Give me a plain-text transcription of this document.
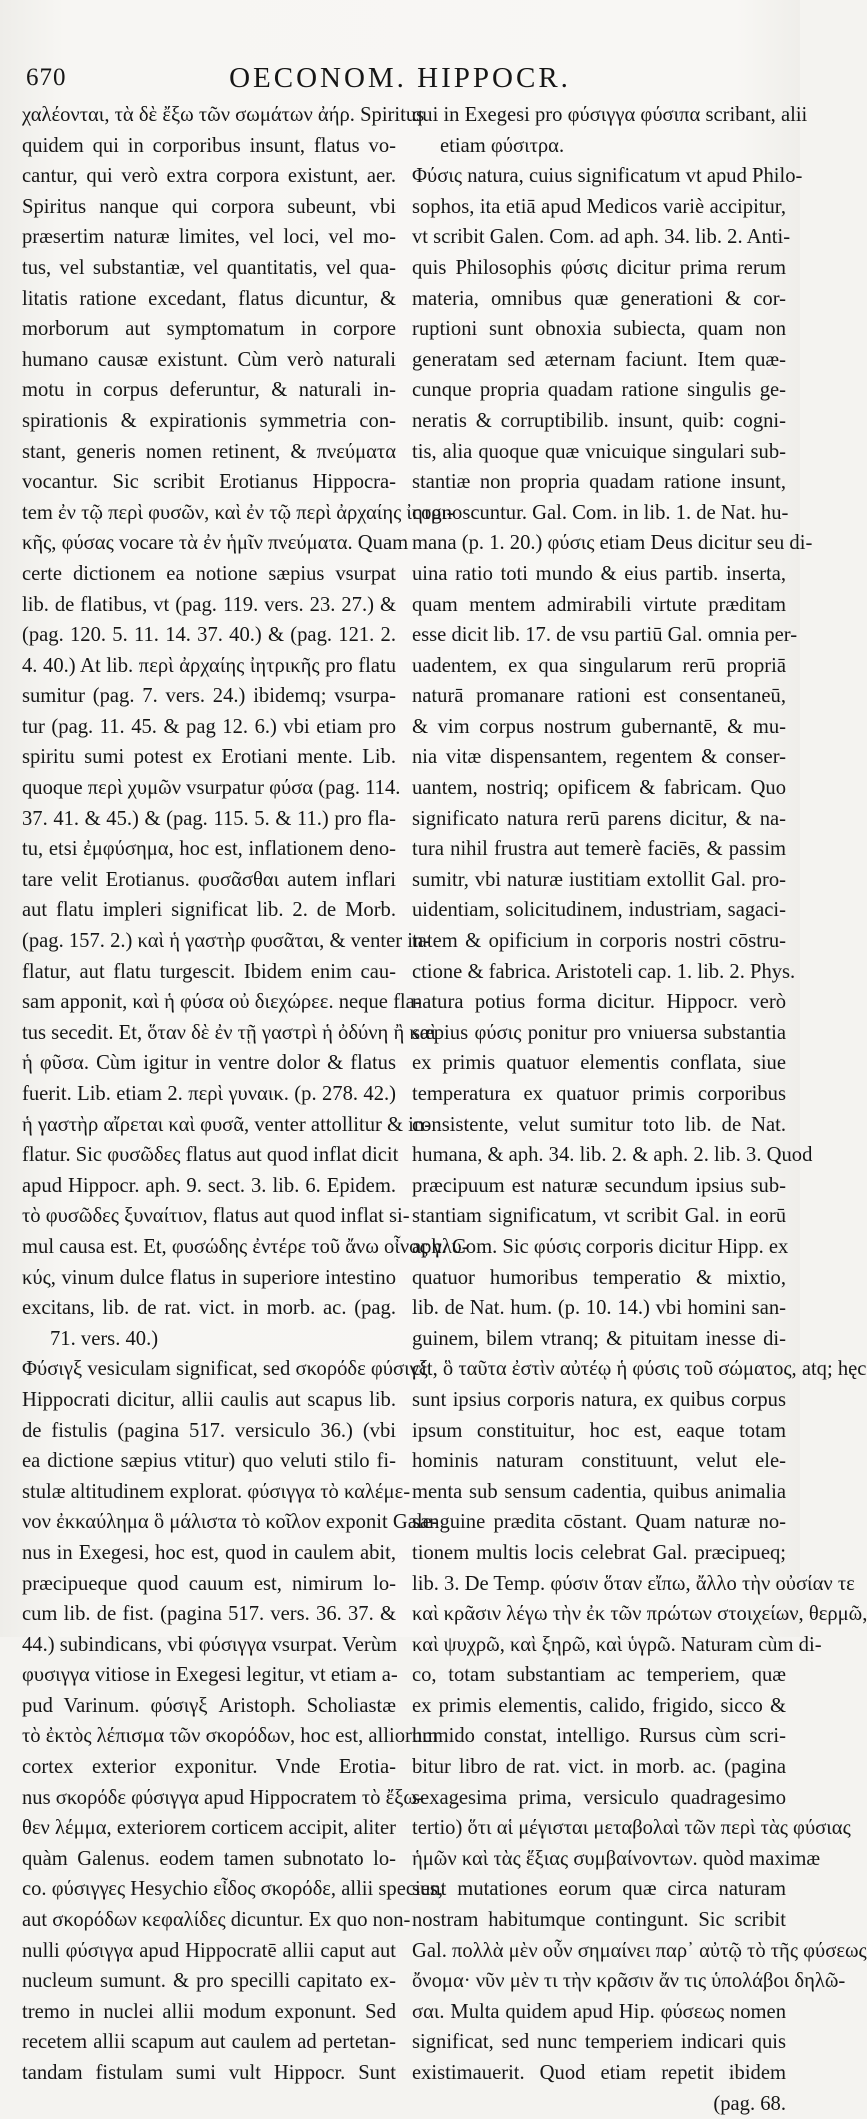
670	OECONOM. HIPPOCR.
χαλέονται, τὰ δὲ ἔξω τῶν σωμάτων ἀήρ. Spiritus
quidem qui in corporibus insunt, flatus vo-
cantur, qui verò extra corpora existunt, aer.
Spiritus nanque qui corpora subeunt, vbi
præsertim naturæ limites, vel loci, vel mo-
tus, vel substantiæ, vel quantitatis, vel qua-
litatis ratione excedant, flatus dicuntur, &
morborum aut symptomatum in corpore
humano causæ existunt. Cùm verò naturali
motu in corpus deferuntur, & naturali in-
spirationis & expirationis symmetria con-
stant, generis nomen retinent, & πνεύματα
vocantur. Sic scribit Erotianus Hippocra-
tem ἐν τῷ περὶ φυσῶν, καὶ ἐν τῷ περὶ ἀρχαίης ἰητρι-
κῆς, φύσας vocare τὰ ἐν ἡμῖν πνεύματα. Quam
certe dictionem ea notione sæpius vsurpat
lib. de flatibus, vt (pag. 119. vers. 23. 27.) &
(pag. 120. 5. 11. 14. 37. 40.) & (pag. 121. 2.
4. 40.) At lib. περὶ ἀρχαίης ἰητρικῆς pro flatu
sumitur (pag. 7. vers. 24.) ibidemq; vsurpa-
tur (pag. 11. 45. & pag 12. 6.) vbi etiam pro
spiritu sumi potest ex Erotiani mente. Lib.
quoque περὶ χυμῶν vsurpatur φύσα (pag. 114.
37. 41. & 45.) & (pag. 115. 5. & 11.) pro fla-
tu, etsi ἐμφύσημα, hoc est, inflationem deno-
tare velit Erotianus. φυσᾶσθαι autem inflari
aut flatu impleri significat lib. 2. de Morb.
(pag. 157. 2.) καὶ ἡ γαστὴρ φυσᾶται, & venter in-
flatur, aut flatu turgescit. Ibidem enim cau-
sam apponit, καὶ ἡ φύσα οὐ διεχώρεε. neque fla-
tus secedit. Et, ὅταν δὲ ἐν τῇ γαστρὶ ἡ ὀδύνη ἢ καὶ
ἡ φῦσα. Cùm igitur in ventre dolor & flatus
fuerit. Lib. etiam 2. περὶ γυναικ. (p. 278. 42.)
ἡ γαστὴρ αἴρεται καὶ φυσᾶ, venter attollitur & in-
flatur. Sic φυσῶδες flatus aut quod inflat dicit
apud Hippocr. aph. 9. sect. 3. lib. 6. Epidem.
τὸ φυσῶδες ξυναίτιον, flatus aut quod inflat si-
mul causa est. Et, φυσώδης ἐντέρε τοῦ ἄνω οἶνος γλυ-
κύς, vinum dulce flatus in superiore intestino
excitans, lib. de rat. vict. in morb. ac. (pag.
71. vers. 40.)
Φύσιγξ vesiculam significat, sed σκορόδε φύσιγξ
Hippocrati dicitur, allii caulis aut scapus lib.
de fistulis (pagina 517. versiculo 36.) (vbi
ea dictione sæpius vtitur) quo veluti stilo fi-
stulæ altitudinem explorat. φύσιγγα τὸ καλέμε-
νον ἐκκαύλημα ὃ μάλιστα τὸ κοῖλον exponit Gale-
nus in Exegesi, hoc est, quod in caulem abit,
præcipueque quod cauum est, nimirum lo-
cum lib. de fist. (pagina 517. vers. 36. 37. &
44.) subindicans, vbi φύσιγγα vsurpat. Verùm
φυσιγγα vitiose in Exegesi legitur, vt etiam a-
pud Varinum. φύσιγξ Aristoph. Scholiastæ
τὸ ἐκτὸς λέπισμα τῶν σκορόδων, hoc est, alliorum
cortex exterior exponitur. Vnde Erotia-
nus σκορόδε φύσιγγα apud Hippocratem τὸ ἔξω-
θεν λέμμα, exteriorem corticem accipit, aliter
quàm Galenus. eodem tamen subnotato lo-
co. φύσιγγες Hesychio εἶδος σκορόδε, allii species,
aut σκορόδων κεφαλίδες dicuntur. Ex quo non-
nulli φύσιγγα apud Hippocratē allii caput aut
nucleum sumunt. & pro specilli capitato ex-
tremo in nuclei allii modum exponunt. Sed
recetem allii scapum aut caulem ad pertetan-
tandam fistulam sumi vult Hippocr. Sunt
qui in Exegesi pro φύσιγγα φύσιπα scribant, alii
etiam φύσιτρα.
Φύσις natura, cuius significatum vt apud Philo-
sophos, ita etiā apud Medicos variè accipitur,
vt scribit Galen. Com. ad aph. 34. lib. 2. Anti-
quis Philosophis φύσις dicitur prima rerum
materia, omnibus quæ generationi & cor-
ruptioni sunt obnoxia subiecta, quam non
generatam sed æternam faciunt. Item quæ-
cunque propria quadam ratione singulis ge-
neratis & corruptibilib. insunt, quib: cogni-
tis, alia quoque quæ vnicuique singulari sub-
stantiæ non propria quadam ratione insunt,
cognoscuntur. Gal. Com. in lib. 1. de Nat. hu-
mana (p. 1. 20.) φύσις etiam Deus dicitur seu di-
uina ratio toti mundo & eius partib. insertа,
quam mentem admirabili virtute præditam
esse dicit lib. 17. de vsu partiū Gal. omnia per-
uadentem, ex qua singularum rerū propriā
naturā promanare rationi est consentaneū,
& vim corpus nostrum gubernantē, & mu-
nia vitæ dispensantem, regentem & conser-
uantem, nostriq; opificem & fabricam. Quo
significato natura rerū parens dicitur, & na-
tura nihil frustra aut temerè faciēs, & passim
sumitr, vbi naturæ iustitiam extollit Gal. pro-
uidentiam, solicitudinem, industriam, sagaci-
tatem & opificium in corporis nostri cōstru-
ctione & fabrica. Aristoteli cap. 1. lib. 2. Phys.
natura potius forma dicitur. Hippocr. verò
sæpius φύσις ponitur pro vniuersa substantia
ex primis quatuor elementis conflata, siue
temperatura ex quatuor primis corporibus
consistente, velut sumitur toto lib. de Nat.
humana, & aph. 34. lib. 2. & aph. 2. lib. 3. Quod
præcipuum est naturæ secundum ipsius sub-
stantiam significatum, vt scribit Gal. in eorū
aph. Com. Sic φύσις corporis dicitur Hipp. ex
quatuor humoribus temperatio & mixtio,
lib. de Nat. hum. (p. 10. 14.) vbi homini san-
guinem, bilem vtranq; & pituitam inesse di-
cit, ὃ ταῦτα ἐστὶν αὐτέῳ ἡ φύσις τοῦ σώματος, atq; hęc
sunt ipsius corporis natura, ex quibus corpus
ipsum constituitur, hoc est, eaque totam
hominis naturam constituunt, velut ele-
menta sub sensum cadentia, quibus animalia
sanguine prædita cōstant. Quam naturæ no-
tionem multis locis celebrat Gal. præcipueq;
lib. 3. De Temp. φύσιν ὅταν εἴπω, ἄλλο τὴν οὐσίαν τε
καὶ κρᾶσιν λέγω τὴν ἐκ τῶν πρώτων στοιχείων, θερμῶ,
καὶ ψυχρῶ, καὶ ξηρῶ, καὶ ὑγρῶ. Naturam cùm di-
co, totam substantiam ac temperiem, quæ
ex primis elementis, calido, frigido, sicco &
humido constat, intelligo. Rursus cùm scri-
bitur libro de rat. vict. in morb. ac. (pagina
sexagesima prima, versiculo quadragesimo
tertio) ὅτι αἱ μέγισται μεταβολαὶ τῶν περὶ τὰς φύσιας
ἡμῶν καὶ τὰς ἕξιας συμβαίνοντων. quòd maximæ
sunt mutationes eorum quæ circa naturam
nostram habitumque contingunt. Sic scribit
Gal. πολλὰ μὲν οὖν σημαίνει παρ᾽ αὐτῷ τὸ τῆς φύσεως
ὄνομα· νῦν μὲν τι τὴν κρᾶσιν ἄν τις ὑπολάβοι δηλῶ-
σαι. Multa quidem apud Hip. φύσεως nomen
significat, sed nunc temperiem indicari quis
existimauerit. Quod etiam repetit ibidem
(pag. 68.
